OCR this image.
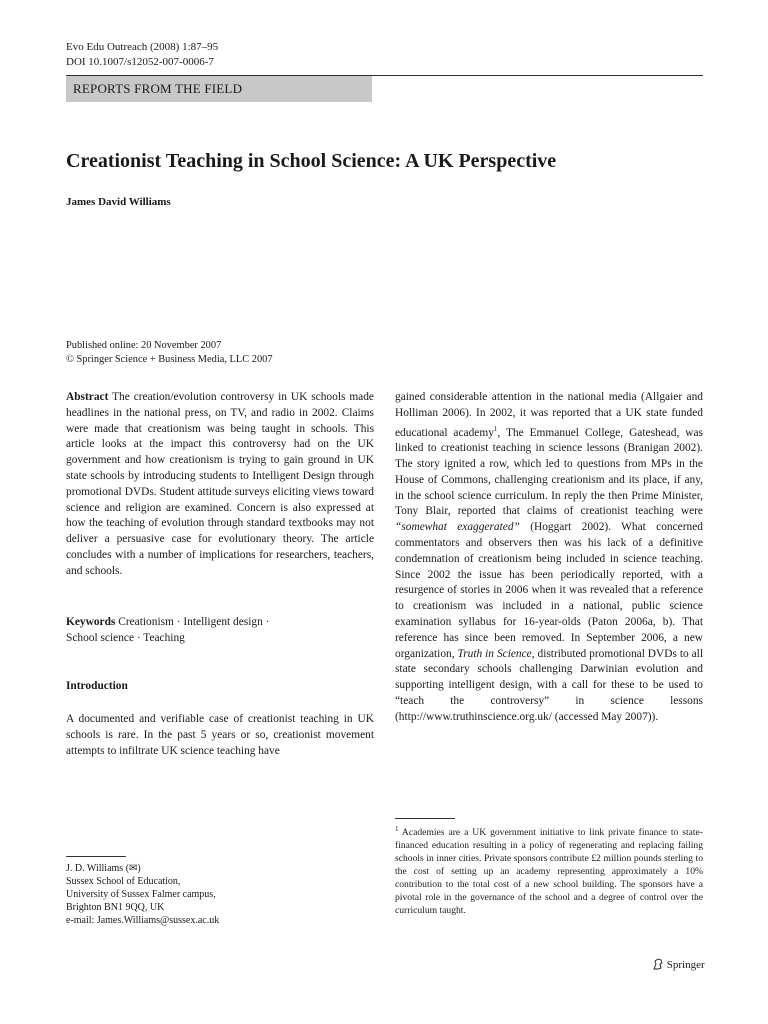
Evo Edu Outreach (2008) 1:87–95
DOI 10.1007/s12052-007-0006-7
REPORTS FROM THE FIELD
Creationist Teaching in School Science: A UK Perspective
James David Williams
Published online: 20 November 2007
© Springer Science + Business Media, LLC 2007

Abstract The creation/evolution controversy in UK schools made headlines in the national press, on TV, and radio in 2002. Claims were made that creationism was being taught in schools. This article looks at the impact this controversy had on the UK government and how creationism is trying to gain ground in UK state schools by introducing students to Intelligent Design through promotional DVDs. Student attitude surveys eliciting views toward science and religion are examined. Concern is also expressed at how the teaching of evolution through standard textbooks may not deliver a persuasive case for evolutionary theory. The article concludes with a number of implications for researchers, teachers, and schools.

Keywords Creationism · Intelligent design ·

School science · Teaching

Introduction
A documented and verifiable case of creationist teaching in UK schools is rare. In the past 5 years or so, creationist movement attempts to infiltrate UK science teaching have

gained considerable attention in the national media (Allgaier and Holliman 2006). In 2002, it was reported that a UK state funded educational academy$^1$, The Emmanuel College, Gateshead, was linked to creationist teaching in science lessons (Branigan 2002). The story ignited a row, which led to questions from MPs in the House of Commons, challenging creationism and its place, if any, in the school science curriculum. In reply the then Prime Minister, Tony Blair, reported that claims of creationist teaching were “somewhat exaggerated” (Hoggart 2002). What concerned commentators and observers then was his lack of a definitive condemnation of creationism being included in science teaching. Since 2002 the issue has been periodically reported, with a resurgence of stories in 2006 when it was revealed that a reference to creationism was included in a national, public science examination syllabus for 16-year-olds (Paton 2006a, b). That reference has since been removed. In September 2006, a new organization, Truth in Science, distributed promotional DVDs to all state secondary schools challenging Darwinian evolution and supporting intelligent design, with a call for these to be used to “teach the controversy” in science lessons (http://www.truthinscience.org.uk/ (accessed May 2007)).

$^1$ Academies are a UK government initiative to link private finance to state-financed education resulting in a policy of regenerating and replacing failing schools in inner cities. Private sponsors contribute £2 million pounds sterling to the cost of setting up an academy representing approximately a 10% contribution to the total cost of a new school building. The sponsors have a pivotal role in the governance of the school and a degree of control over the curriculum taught.
J. D. Williams (✉)
Sussex School of Education,
University of Sussex Falmer campus,
Brighton BN1 9QQ, UK
e-mail: James.Williams@sussex.ac.uk
Springer
